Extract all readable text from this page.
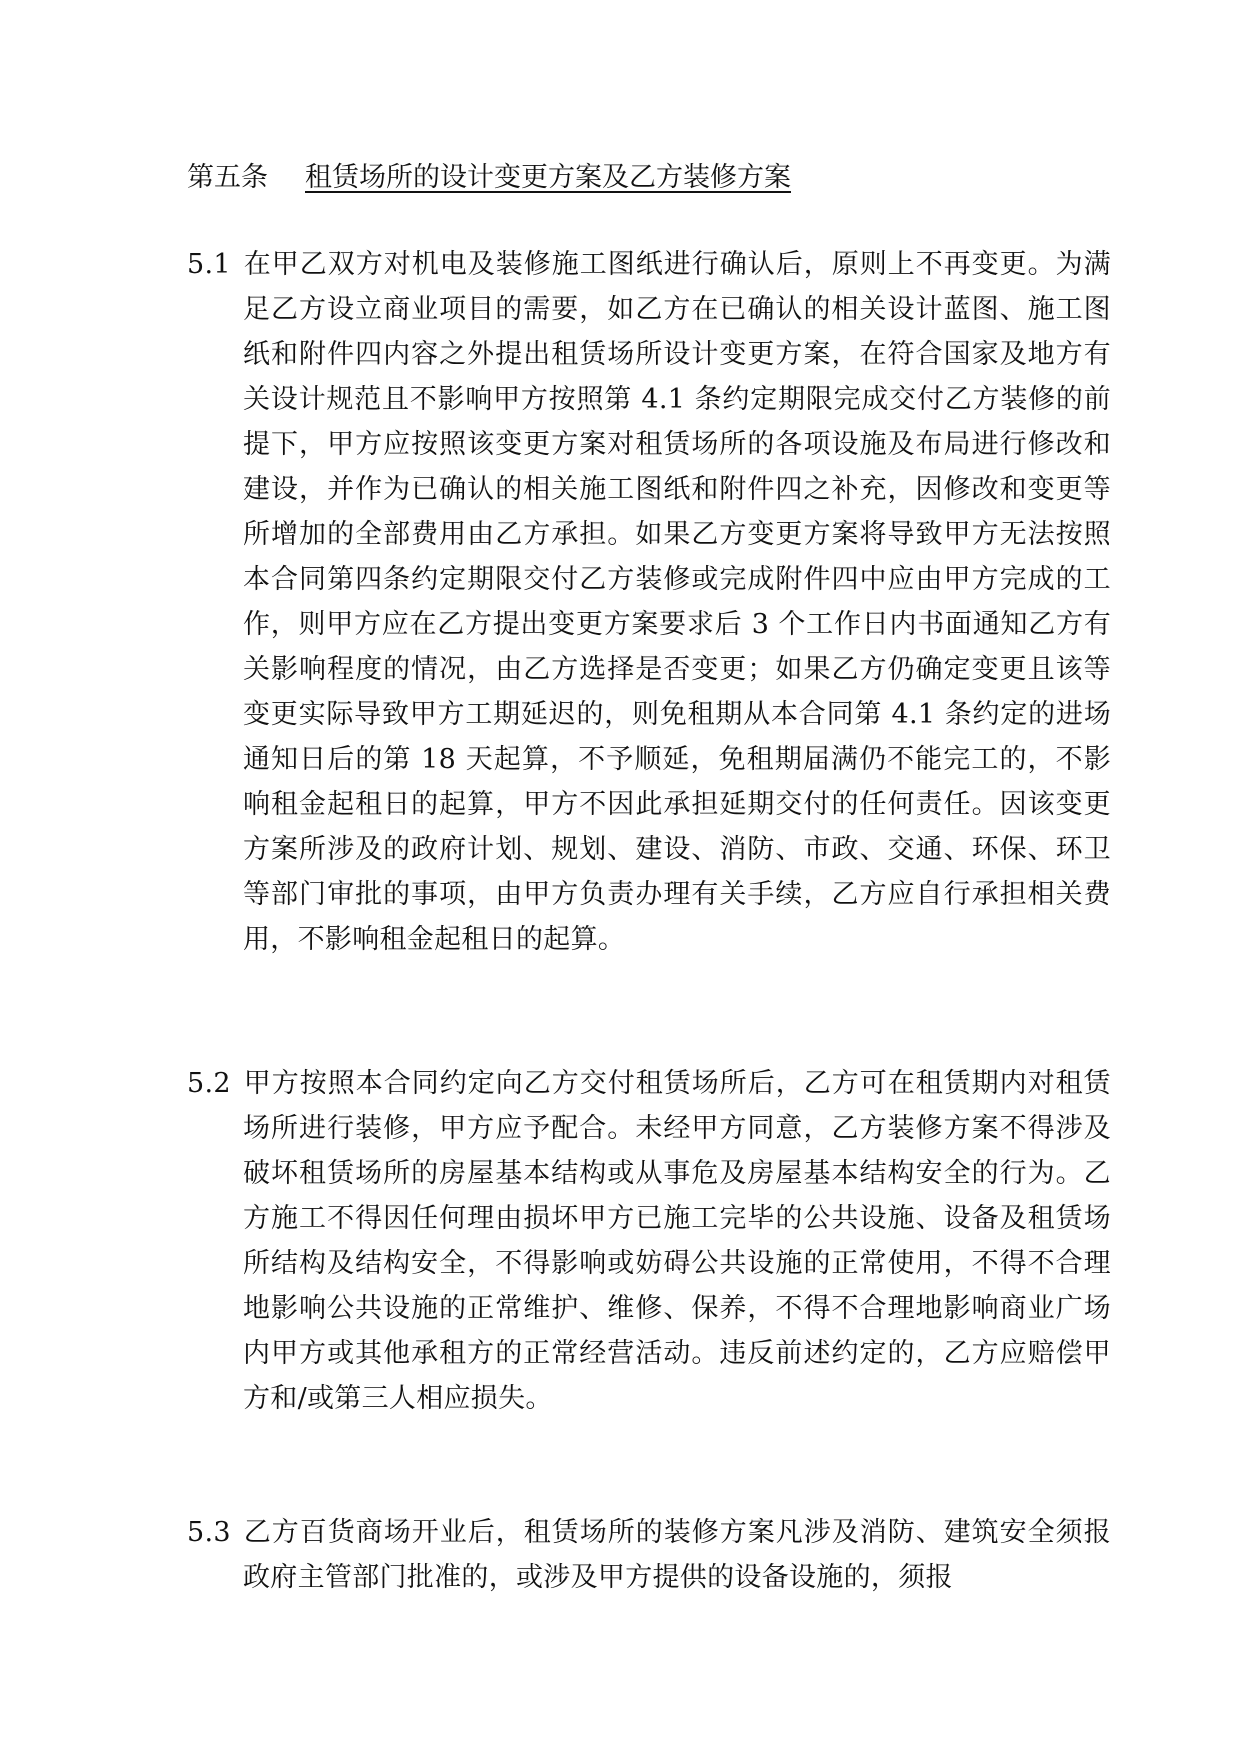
第五条 租赁场所的设计变更方案及乙方装修方案
5.1 在甲乙双方对机电及装修施工图纸进行确认后，原则上不再变更。为满足乙方设立商业项目的需要，如乙方在已确认的相关设计蓝图、施工图纸和附件四内容之外提出租赁场所设计变更方案，在符合国家及地方有关设计规范且不影响甲方按照第 4.1 条约定期限完成交付乙方装修的前提下，甲方应按照该变更方案对租赁场所的各项设施及布局进行修改和建设，并作为已确认的相关施工图纸和附件四之补充，因修改和变更等所增加的全部费用由乙方承担。如果乙方变更方案将导致甲方无法按照本合同第四条约定期限交付乙方装修或完成附件四中应由甲方完成的工作，则甲方应在乙方提出变更方案要求后 3 个工作日内书面通知乙方有关影响程度的情况，由乙方选择是否变更；如果乙方仍确定变更且该等变更实际导致甲方工期延迟的，则免租期从本合同第 4.1 条约定的进场通知日后的第 18 天起算，不予顺延，免租期届满仍不能完工的，不影响租金起租日的起算，甲方不因此承担延期交付的任何责任。因该变更方案所涉及的政府计划、规划、建设、消防、市政、交通、环保、环卫等部门审批的事项，由甲方负责办理有关手续，乙方应自行承担相关费用，不影响租金起租日的起算。
5.2 甲方按照本合同约定向乙方交付租赁场所后，乙方可在租赁期内对租赁场所进行装修，甲方应予配合。未经甲方同意，乙方装修方案不得涉及破坏租赁场所的房屋基本结构或从事危及房屋基本结构安全的行为。乙方施工不得因任何理由损坏甲方已施工完毕的公共设施、设备及租赁场所结构及结构安全，不得影响或妨碍公共设施的正常使用，不得不合理地影响公共设施的正常维护、维修、保养，不得不合理地影响商业广场内甲方或其他承租方的正常经营活动。违反前述约定的，乙方应赔偿甲方和/或第三人相应损失。
5.3 乙方百货商场开业后，租赁场所的装修方案凡涉及消防、建筑安全须报政府主管部门批准的，或涉及甲方提供的设备设施的，须报
